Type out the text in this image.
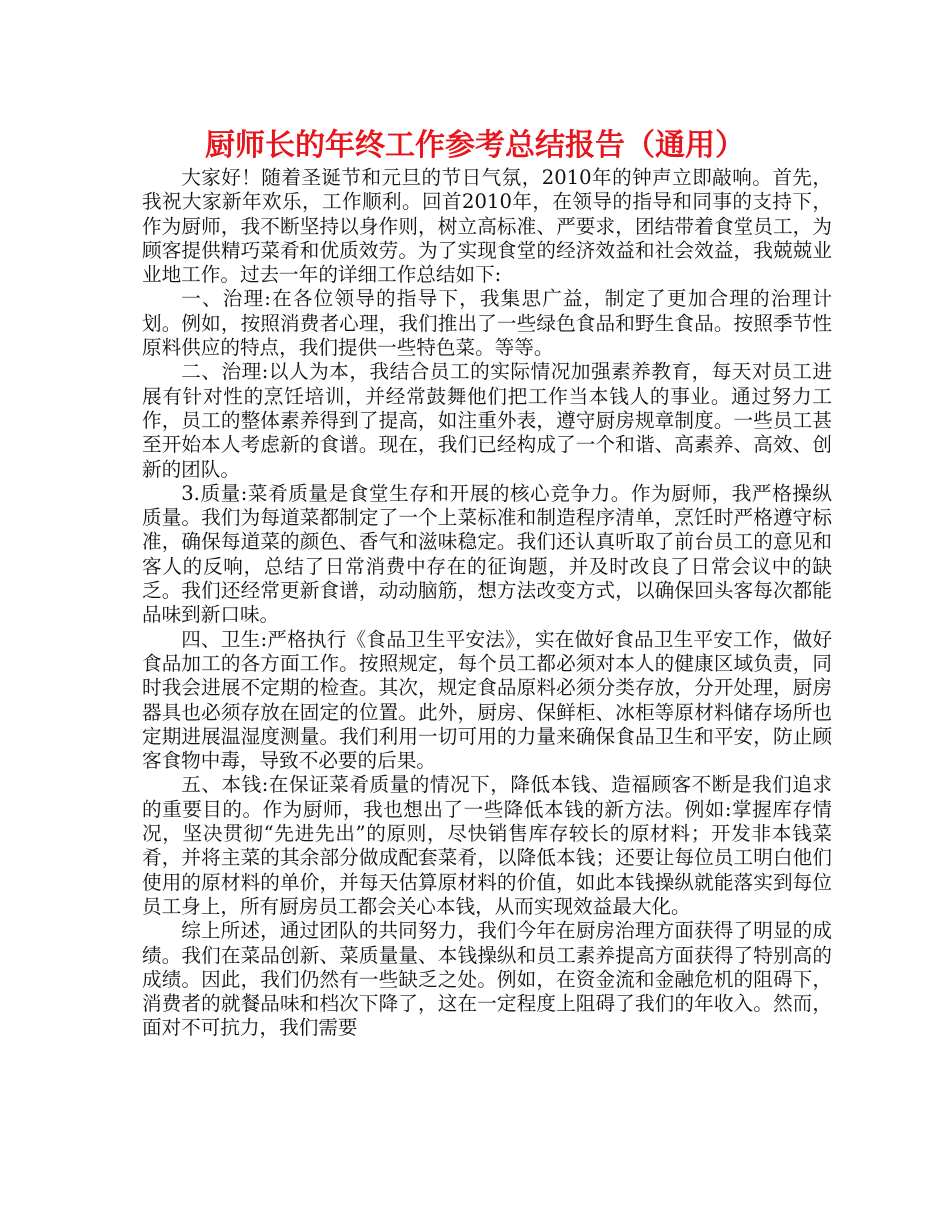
厨师长的年终工作参考总结报告（通用）

大家好！随着圣诞节和元旦的节日气氛，2010年的钟声立即敲响。首先，我祝大家新年欢乐，工作顺利。回首2010年，在领导的指导和同事的支持下，作为厨师，我不断坚持以身作则，树立高标准、严要求，团结带着食堂员工，为顾客提供精巧菜肴和优质效劳。为了实现食堂的经济效益和社会效益，我兢兢业业地工作。过去一年的详细工作总结如下:

一、治理:在各位领导的指导下，我集思广益，制定了更加合理的治理计划。例如，按照消费者心理，我们推出了一些绿色食品和野生食品。按照季节性原料供应的特点，我们提供一些特色菜。等等。

二、治理:以人为本，我结合员工的实际情况加强素养教育，每天对员工进展有针对性的烹饪培训，并经常鼓舞他们把工作当本钱人的事业。通过努力工作，员工的整体素养得到了提高，如注重外表，遵守厨房规章制度。一些员工甚至开始本人考虑新的食谱。现在，我们已经构成了一个和谐、高素养、高效、创新的团队。

3.质量:菜肴质量是食堂生存和开展的核心竞争力。作为厨师，我严格操纵质量。我们为每道菜都制定了一个上菜标准和制造程序清单，烹饪时严格遵守标准，确保每道菜的颜色、香气和滋味稳定。我们还认真听取了前台员工的意见和客人的反响，总结了日常消费中存在的征询题，并及时改良了日常会议中的缺乏。我们还经常更新食谱，动动脑筋，想方法改变方式，以确保回头客每次都能品味到新口味。

四、卫生:严格执行《食品卫生平安法》，实在做好食品卫生平安工作，做好食品加工的各方面工作。按照规定，每个员工都必须对本人的健康区域负责，同时我会进展不定期的检查。其次，规定食品原料必须分类存放，分开处理，厨房器具也必须存放在固定的位置。此外，厨房、保鲜柜、冰柜等原材料储存场所也定期进展温湿度测量。我们利用一切可用的力量来确保食品卫生和平安，防止顾客食物中毒，导致不必要的后果。

五、本钱:在保证菜肴质量的情况下，降低本钱、造福顾客不断是我们追求的重要目的。作为厨师，我也想出了一些降低本钱的新方法。例如:掌握库存情况，坚决贯彻“先进先出”的原则，尽快销售库存较长的原材料；开发非本钱菜肴，并将主菜的其余部分做成配套菜肴，以降低本钱；还要让每位员工明白他们使用的原材料的单价，并每天估算原材料的价值，如此本钱操纵就能落实到每位员工身上，所有厨房员工都会关心本钱，从而实现效益最大化。

综上所述，通过团队的共同努力，我们今年在厨房治理方面获得了明显的成绩。我们在菜品创新、菜质量量、本钱操纵和员工素养提高方面获得了特别高的成绩。因此，我们仍然有一些缺乏之处。例如，在资金流和金融危机的阻碍下，消费者的就餐品味和档次下降了，这在一定程度上阻碍了我们的年收入。然而，面对不可抗力，我们需要
